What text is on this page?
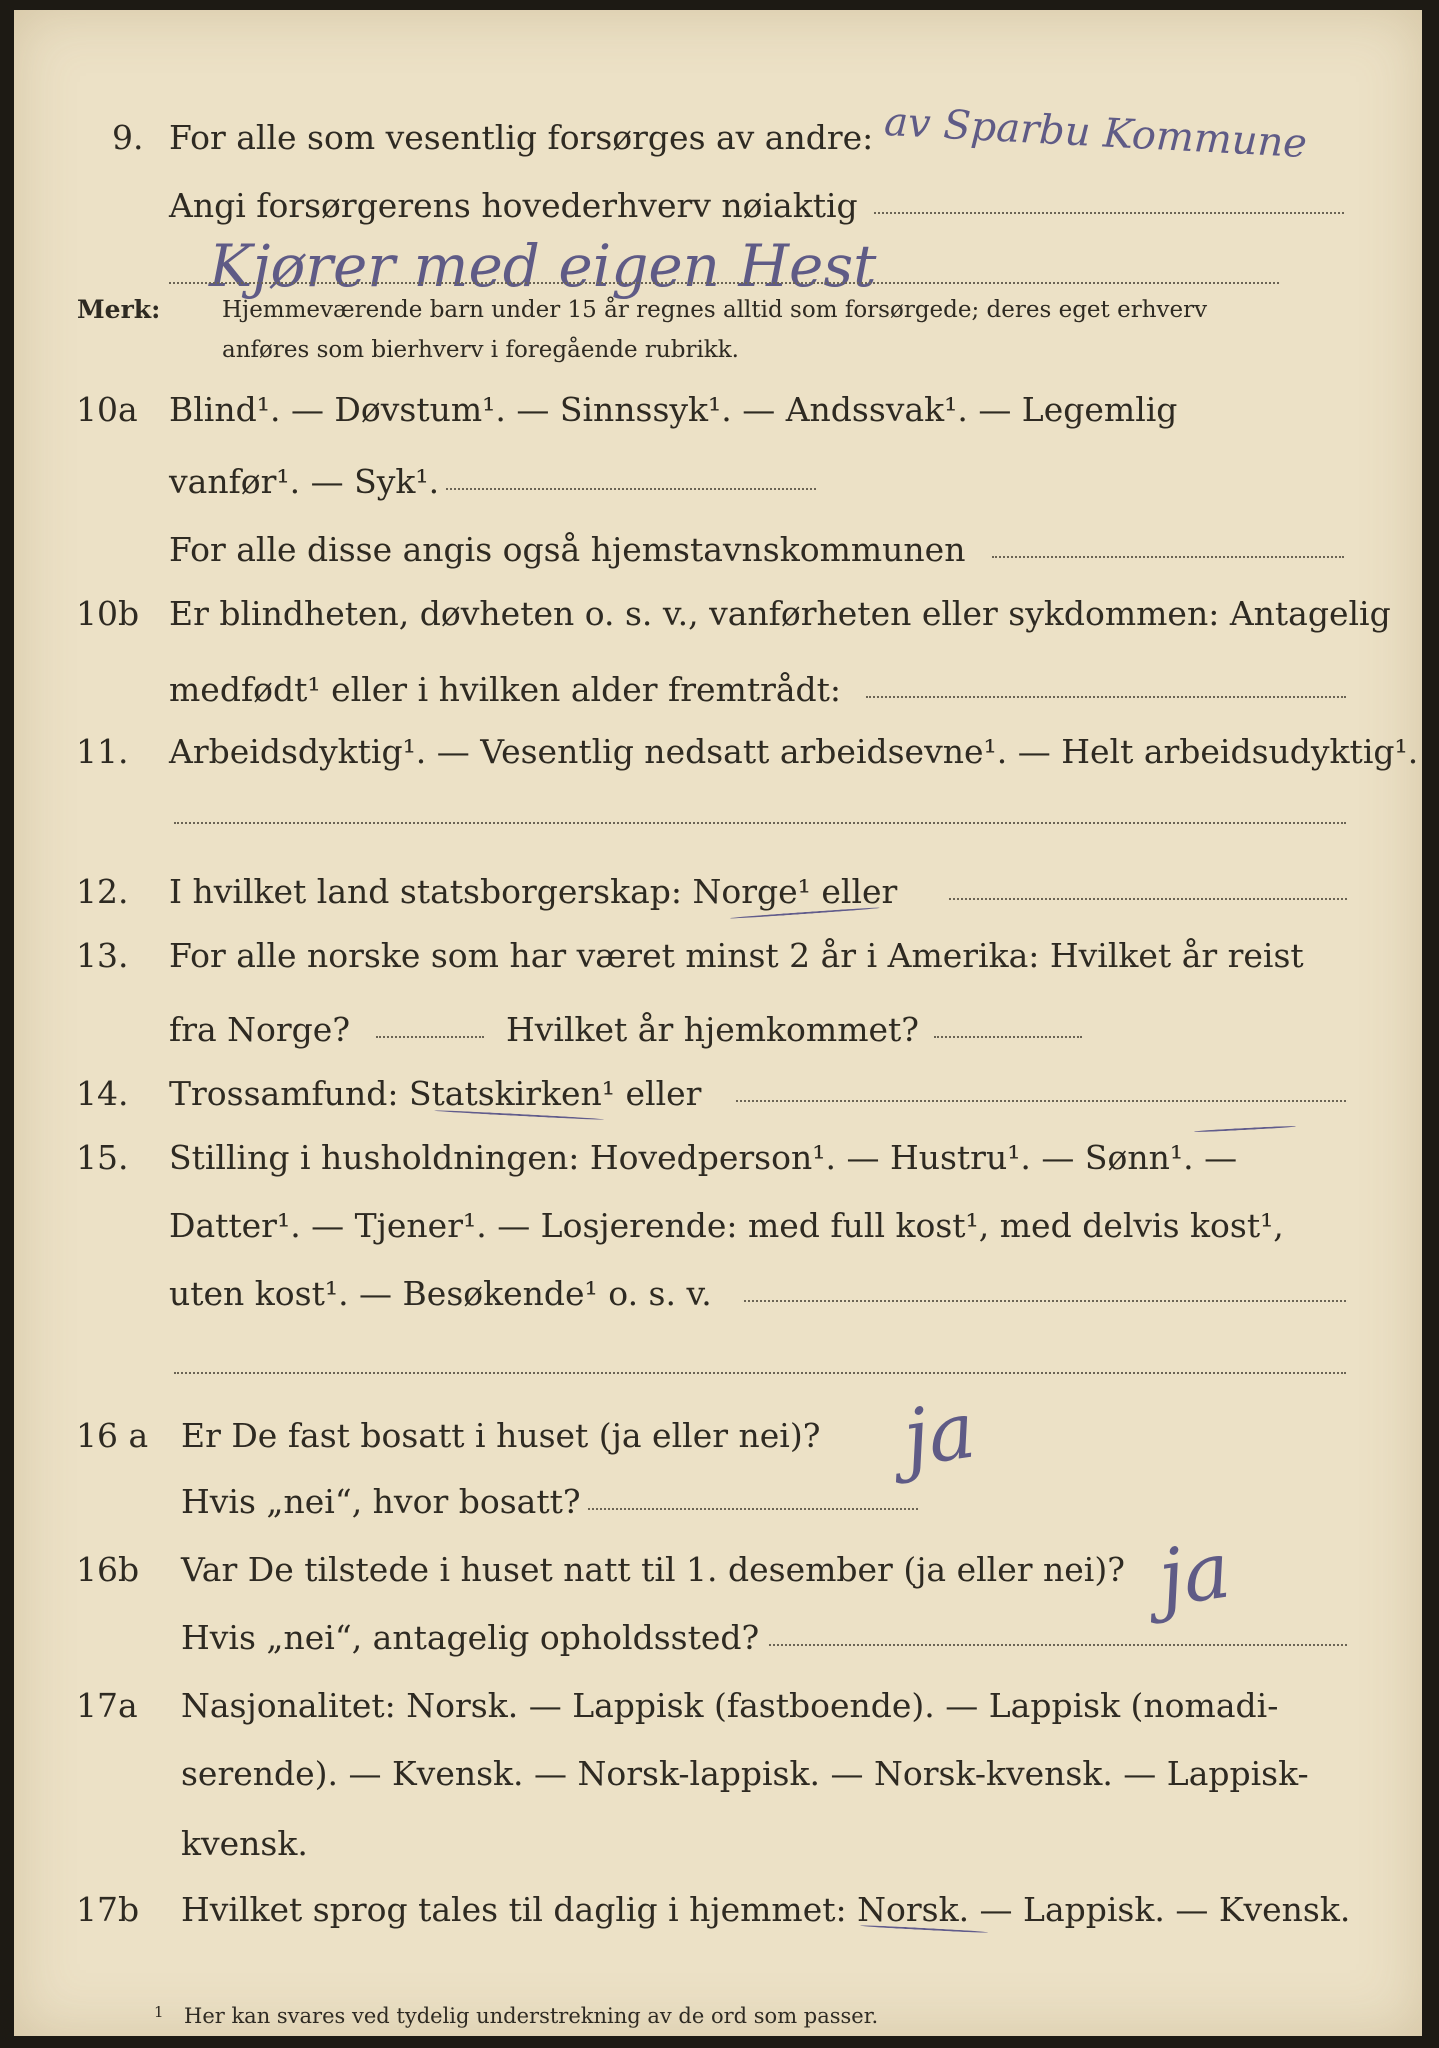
9. For alle som vesentlig forsørges av andre: av Sparbu Kommune
Angi forsørgerens hovederhverv nøiaktig
Kjører med eigen Hest
Merk:	Hjemmeværende barn under 15 år regnes alltid som forsørgede; deres eget erhverv
anføres som bierhverv i foregående rubrikk.
10a Blind¹. — Døvstum¹. — Sinnssyk¹. — Andssvak¹. — Legemlig
vanfør¹. — Syk¹.
For alle disse angis også hjemstavnskommunen
10b Er blindheten, døvheten o. s. v., vanførheten eller sykdommen: Antagelig
medfødt¹ eller i hvilken alder fremtrådt:
11.	Arbeidsdyktig¹. — Vesentlig nedsatt arbeidsevne¹. — Helt arbeidsudyktig¹.
12.	I hvilket land statsborgerskap: Norge¹ eller
13.	For alle norske som har været minst 2 år i Amerika: Hvilket år reist
fra Norge?	Hvilket år hjemkommet?
14.	Trossamfund: Statskirken¹ eller
15.	Stilling i husholdningen: Hovedperson¹. — Hustru¹. — Sønn¹. —
Datter¹. — Tjener¹. — Losjerende: med full kost¹, med delvis kost¹,
uten kost¹. — Besøkende¹ o. s. v.
16 a Er De fast bosatt i huset (ja eller nei)? ja
Hvis „nei“, hvor bosatt?
16b	Var De tilstede i huset natt til 1. desember (ja eller nei)? ja
Hvis „nei“, antagelig opholdssted?
17a	Nasjonalitet: Norsk. — Lappisk (fastboende). — Lappisk (nomadi-
serende). — Kvensk. — Norsk-lappisk. — Norsk-kvensk. — Lappisk-
kvensk.
17b	Hvilket sprog tales til daglig i hjemmet: Norsk. — Lappisk. — Kvensk.
1 Her kan svares ved tydelig understrekning av de ord som passer.
